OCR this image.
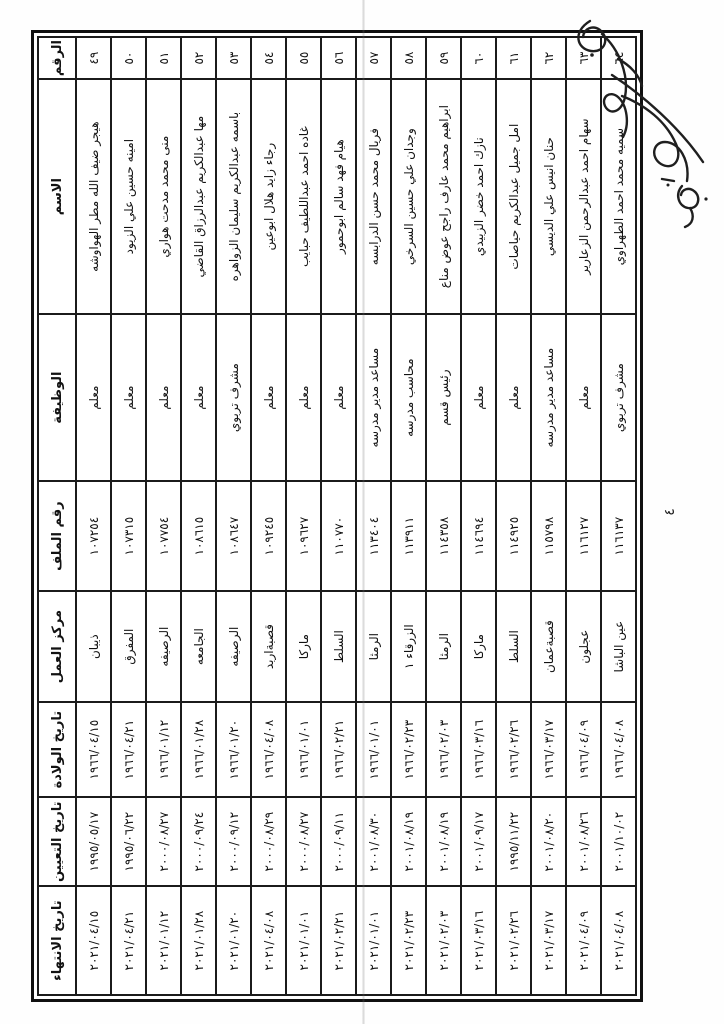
الرقم	الاسم	الوظيفة	رقم الملف	مركز العمل	تاريخ الولادة	تاريخ التعيين	تاريخ الانتهاء
٤٩	هيجر ضيف الله مطر الهواوشه	معلم	١٠٧٢٥٤	ذيبان	١٩٦٦/٠٤/١٥	١٩٩٥/٠٥/١٧	٢٠٢١/٠٤/١٥
٥٠	امينه حسين علي الزيود	معلم	١٠٧٣١٥	المفرق	١٩٦٦/٠٤/٢١	١٩٩٥/٠٦/٢٢	٢٠٢١/٠٤/٢١
٥١	منى محمد مدحت هواري	معلم	١٠٧٧٥٤	الرصيفه	١٩٦٦/٠١/١٢	٢٠٠٠/٠٨/٢٧	٢٠٢١/٠١/١٢
٥٢	مها عبدالكريم عبدالرزاق القاضي	معلم	١٠٨٦١٥	الجامعه	١٩٦٦/٠١/٢٨	٢٠٠٠/٠٩/٢٤	٢٠٢١/٠١/٢٨
٥٣	باسمه عبدالكريم سليمان الزواهره	مشرف تربوي	١٠٨٦٤٧	الرصيفه	١٩٦٦/٠١/٢٠	٢٠٠٠/٠٩/١٢	٢٠٢١/٠١/٢٠
٥٤	رجاء زايد هلال ابوعين	معلم	١٠٩٢٤٥	قصبةاربد	١٩٦٦/٠٤/٠٨	٢٠٠٠/٠٨/٢٩	٢٠٢١/٠٤/٠٨
٥٥	غاده احمد عبداللطيف حبايب	معلم	١٠٩٦٢٧	ماركا	١٩٦٦/٠١/٠١	٢٠٠٠/٠٨/٢٧	٢٠٢١/٠١/٠١
٥٦	هيام فهد سالم ابوحمور	معلم	١١٠٧٧٠	السلط	١٩٦٦/٠٢/٢١	٢٠٠٠/٠٩/١١	٢٠٢١/٠٢/٢١
٥٧	فريال محمد حسن الدرابسه	مساعد مدير مدرسه	١١٣٤٠٤	الرمثا	١٩٦٦/٠١/٠١	٢٠٠١/٠٨/٣٠	٢٠٢١/٠١/٠١
٥٨	وجدان علي حسين السرخي	محاسب مدرسه	١١٣٩١١	الزرقاء ١	١٩٦٦/٠٢/٢٣	٢٠٠١/٠٨/١٩	٢٠٢١/٠٢/٢٣
٥٩	ابراهيم محمد عارف راجح عوض مناع	رئيس قسم	١١٤٣٥٨	الرمثا	١٩٦٦/٠٢/٠٣	٢٠٠١/٠٨/١٩	٢٠٢١/٠٢/٠٣
٦٠	نازك احمد خضر الزبيدي	معلم	١١٤٦٩٤	ماركا	١٩٦٦/٠٣/١٦	٢٠٠١/٠٩/١٧	٢٠٢١/٠٣/١٦
٦١	امل جميل عبدالكريم حياصات	معلم	١١٤٩٢٥	السلط	١٩٦٦/٠٢/٢٦	١٩٩٥/١١/٢٢	٢٠٢١/٠٢/٢٦
٦٢	حنان انيس علي الديسي	مساعد مدير مدرسه	١١٥٧٩٨	قصبةعمان	١٩٦٦/٠٣/١٧	٢٠٠١/٠٨/٢٠	٢٠٢١/٠٣/١٧
٦٣	سهام احمد عبدالرحمن الزعارير	معلم	١١٦١٢٧	عجلون	١٩٦٦/٠٤/٠٩	٢٠٠١/٠٨/٢٦	٢٠٢١/٠٤/٠٩
٦٤	سميه محمد احمد الطهراوي	مشرف تربوي	١١٦١٣٧	عين الباشا	١٩٦٦/٠٤/٠٨	٢٠٠١/١٠/٠٢	٢٠٢١/٠٤/٠٨
٤
